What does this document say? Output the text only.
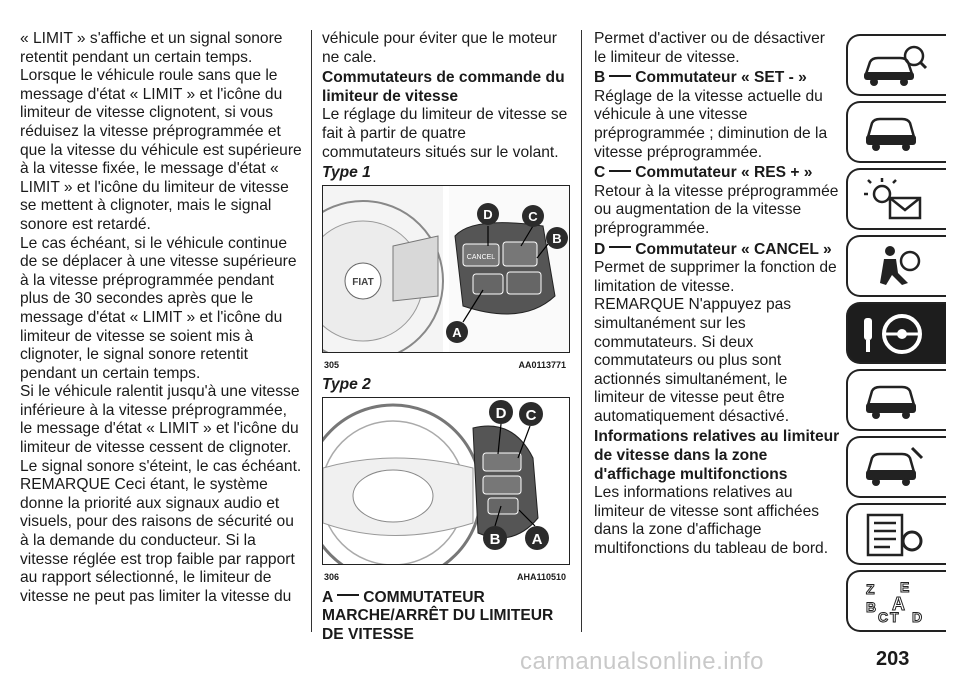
« LIMIT » s'affiche et un signal sonore retentit pendant un certain temps.

Lorsque le véhicule roule sans que le message d'état « LIMIT » et l'icône du limiteur de vitesse clignotent, si vous réduisez la vitesse préprogrammée et que la vitesse du véhicule est supérieure à la vitesse fixée, le message d'état « LIMIT » et l'icône du limiteur de vitesse se mettent à clignoter, mais le signal sonore est retardé.

Le cas échéant, si le véhicule continue de se déplacer à une vitesse supérieure à la vitesse préprogrammée pendant plus de 30 secondes après que le message d'état « LIMIT » et l'icône du limiteur de vitesse se soient mis à clignoter, le signal sonore retentit pendant un certain temps.

Si le véhicule ralentit jusqu'à une vitesse inférieure à la vitesse préprogrammée, le message d'état « LIMIT » et l'icône du limiteur de vitesse cessent de clignoter. Le signal sonore s'éteint, le cas échéant.

REMARQUE Ceci étant, le système donne la priorité aux signaux audio et visuels, pour des raisons de sécurité ou à la demande du conducteur. Si la vitesse réglée est trop faible par rapport au rapport sélectionné, le limiteur de vitesse ne peut pas limiter la vitesse du

véhicule pour éviter que le moteur ne cale.

Commutateurs de commande du limiteur de vitesse

Le réglage du limiteur de vitesse se fait à partir de quatre commutateurs situés sur le volant.

Type 1
FIAT
CANCEL
D	C
B
A
305	AA0113771
Type 2
D C
B A
306	AHA110510
A COMMUTATEUR MARCHE/ARRÊT DU LIMITEUR DE VITESSE

Permet d'activer ou de désactiver le limiteur de vitesse.

B Commutateur « SET - »

Réglage de la vitesse actuelle du véhicule à une vitesse préprogrammée ; diminution de la vitesse préprogrammée.

C Commutateur « RES + »

Retour à la vitesse préprogrammée ou augmentation de la vitesse préprogrammée.

D Commutateur « CANCEL »

Permet de supprimer la fonction de limitation de vitesse.

REMARQUE N'appuyez pas simultanément sur les commutateurs. Si deux commutateurs ou plus sont actionnés simultanément, le limiteur de vitesse peut être automatiquement désactivé.

Informations relatives au limiteur de vitesse dans la zone d'affichage multifonctions

Les informations relatives au limiteur de vitesse sont affichées dans la zone d'affichage multifonctions du tableau de bord.

Z E
B A
C T D
carmanualsonline.info	203
